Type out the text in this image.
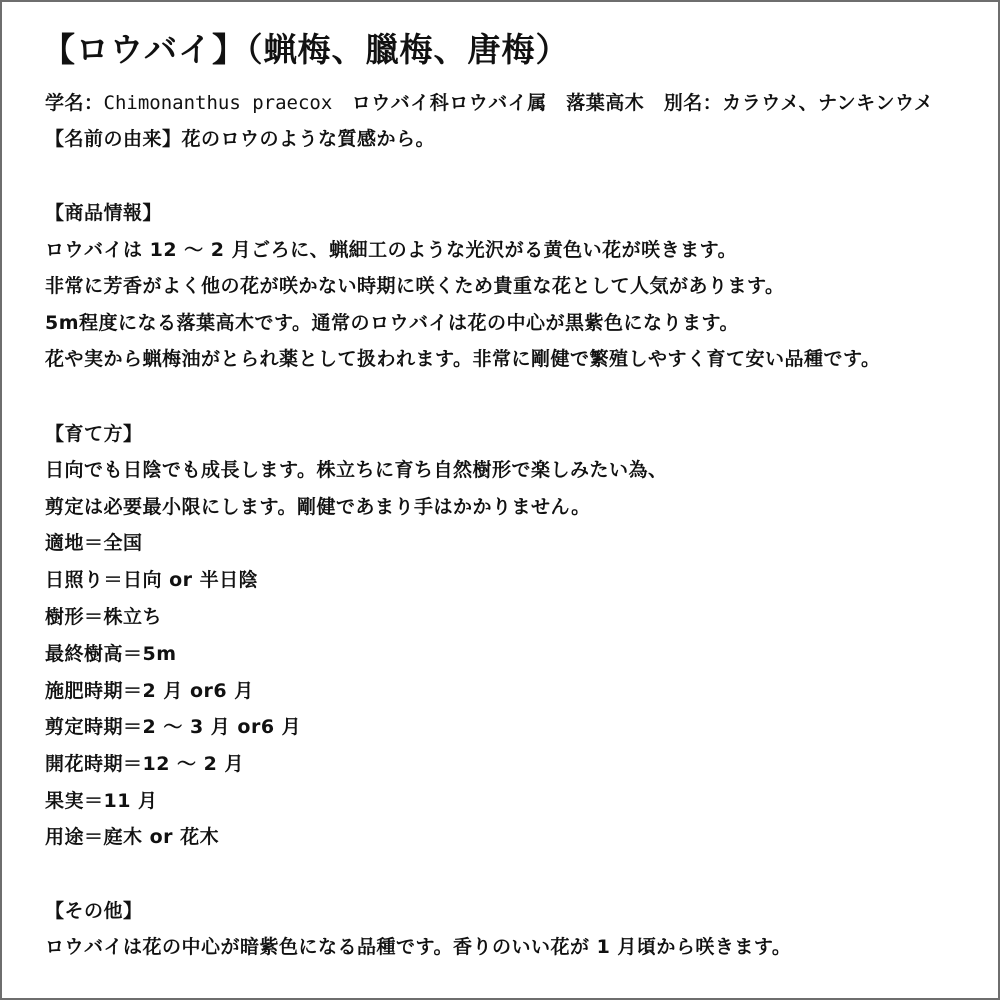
【ロウバイ】（蝋梅、臘梅、唐梅）
学名：Chimonanthus praecox　ロウバイ科ロウバイ属　落葉高木　別名：カラウメ、ナンキンウメ
【名前の由来】花のロウのような質感から。
【商品情報】
ロウバイは 12 ～ 2 月ごろに、蝋細工のような光沢がる黄色い花が咲きます。
非常に芳香がよく他の花が咲かない時期に咲くため貴重な花として人気があります。
5m程度になる落葉高木です。通常のロウバイは花の中心が黒紫色になります。
花や実から蝋梅油がとられ薬として扱われます。非常に剛健で繁殖しやすく育て安い品種です。
【育て方】
日向でも日陰でも成長します。株立ちに育ち自然樹形で楽しみたい為、
剪定は必要最小限にします。剛健であまり手はかかりません。
適地＝全国
日照り＝日向 or 半日陰
樹形＝株立ち
最終樹高＝5m
施肥時期＝2 月 or6 月
剪定時期＝2 ～ 3 月 or6 月
開花時期＝12 ～ 2 月
果実＝11 月
用途＝庭木 or 花木
【その他】
ロウバイは花の中心が暗紫色になる品種です。香りのいい花が 1 月頃から咲きます。
